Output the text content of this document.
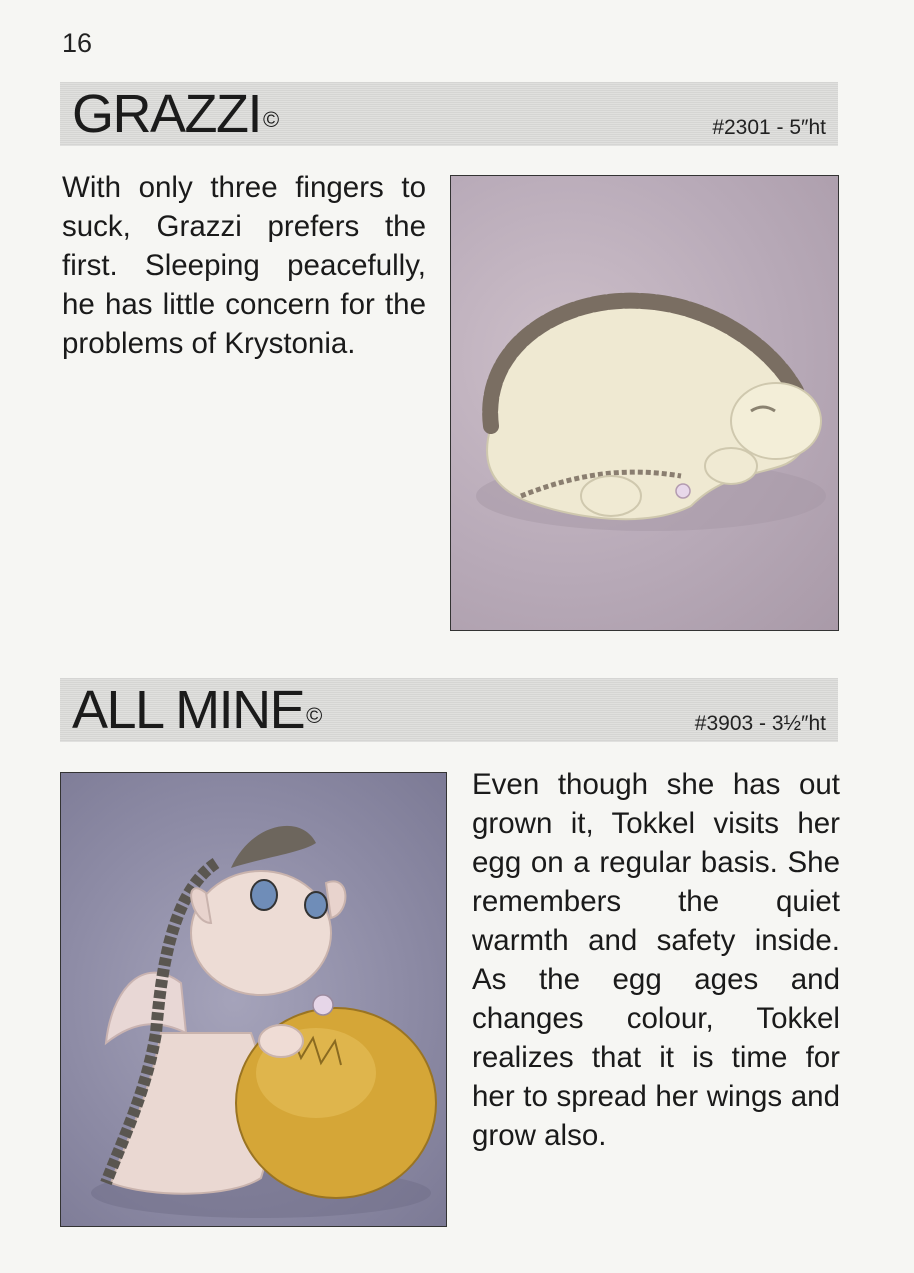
16
GRAZZI©	#2301 - 5″ht
With only three fingers to suck, Grazzi prefers the first. Sleeping peacefully, he has little concern for the problems of Krystonia.
ALL MINE©	#3903 - 3½″ht
Even though she has out grown it, Tokkel visits her egg on a regular basis. She remembers the quiet warmth and safety inside. As the egg ages and changes colour, Tokkel realizes that it is time for her to spread her wings and grow also.
